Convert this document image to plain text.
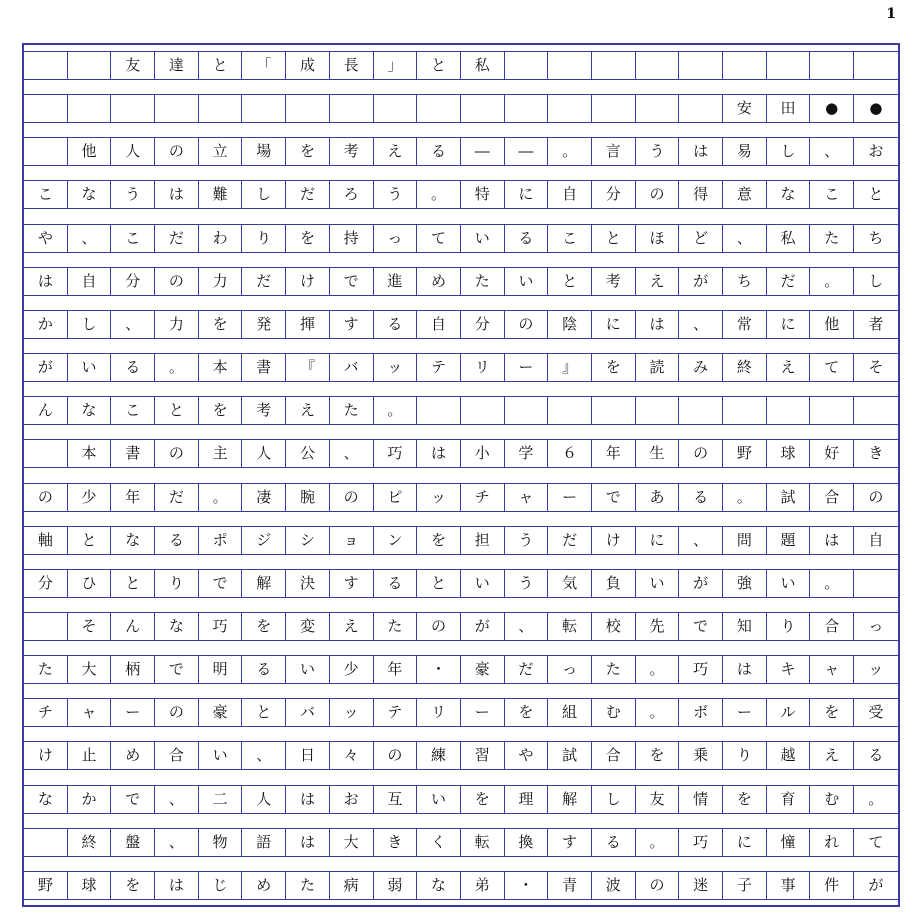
1
友	達	と	「	成	長	」	と	私
安	田	●	●
他	人	の	立	場	を	考	え	る	―	―	。	言	う	は	易	し	、	お
こ	な	う	は	難	し	だ	ろ	う	。	特	に	自	分	の	得	意	な	こ	と
や	、	こ	だ	わ	り	を	持	っ	て	い	る	こ	と	ほ	ど	、	私	た	ち
は	自	分	の	力	だ	け	で	進	め	た	い	と	考	え	が	ち	だ	。	し
か	し	、	力	を	発	揮	す	る	自	分	の	陰	に	は	、	常	に	他	者
が	い	る	。	本	書	『	バ	ッ	テ	リ	ー	』	を	読	み	終	え	て	そ
ん	な	こ	と	を	考	え	た	。
本	書	の	主	人	公	、	巧	は	小	学	６	年	生	の	野	球	好	き
の	少	年	だ	。	凄	腕	の	ピ	ッ	チ	ャ	ー	で	あ	る	。	試	合	の
軸	と	な	る	ポ	ジ	シ	ョ	ン	を	担	う	だ	け	に	、	問	題	は	自
分	ひ	と	り	で	解	決	す	る	と	い	う	気	負	い	が	強	い	。
そ	ん	な	巧	を	変	え	た	の	が	、	転	校	先	で	知	り	合	っ
た	大	柄	で	明	る	い	少	年	・	豪	だ	っ	た	。	巧	は	キ	ャ	ッ
チ	ャ	ー	の	豪	と	バ	ッ	テ	リ	ー	を	組	む	。	ボ	ー	ル	を	受
け	止	め	合	い	、	日	々	の	練	習	や	試	合	を	乗	り	越	え	る
な	か	で	、	二	人	は	お	互	い	を	理	解	し	友	情	を	育	む	。
終	盤	、	物	語	は	大	き	く	転	換	す	る	。	巧	に	憧	れ	て
野	球	を	は	じ	め	た	病	弱	な	弟	・	青	波	の	迷	子	事	件	が
